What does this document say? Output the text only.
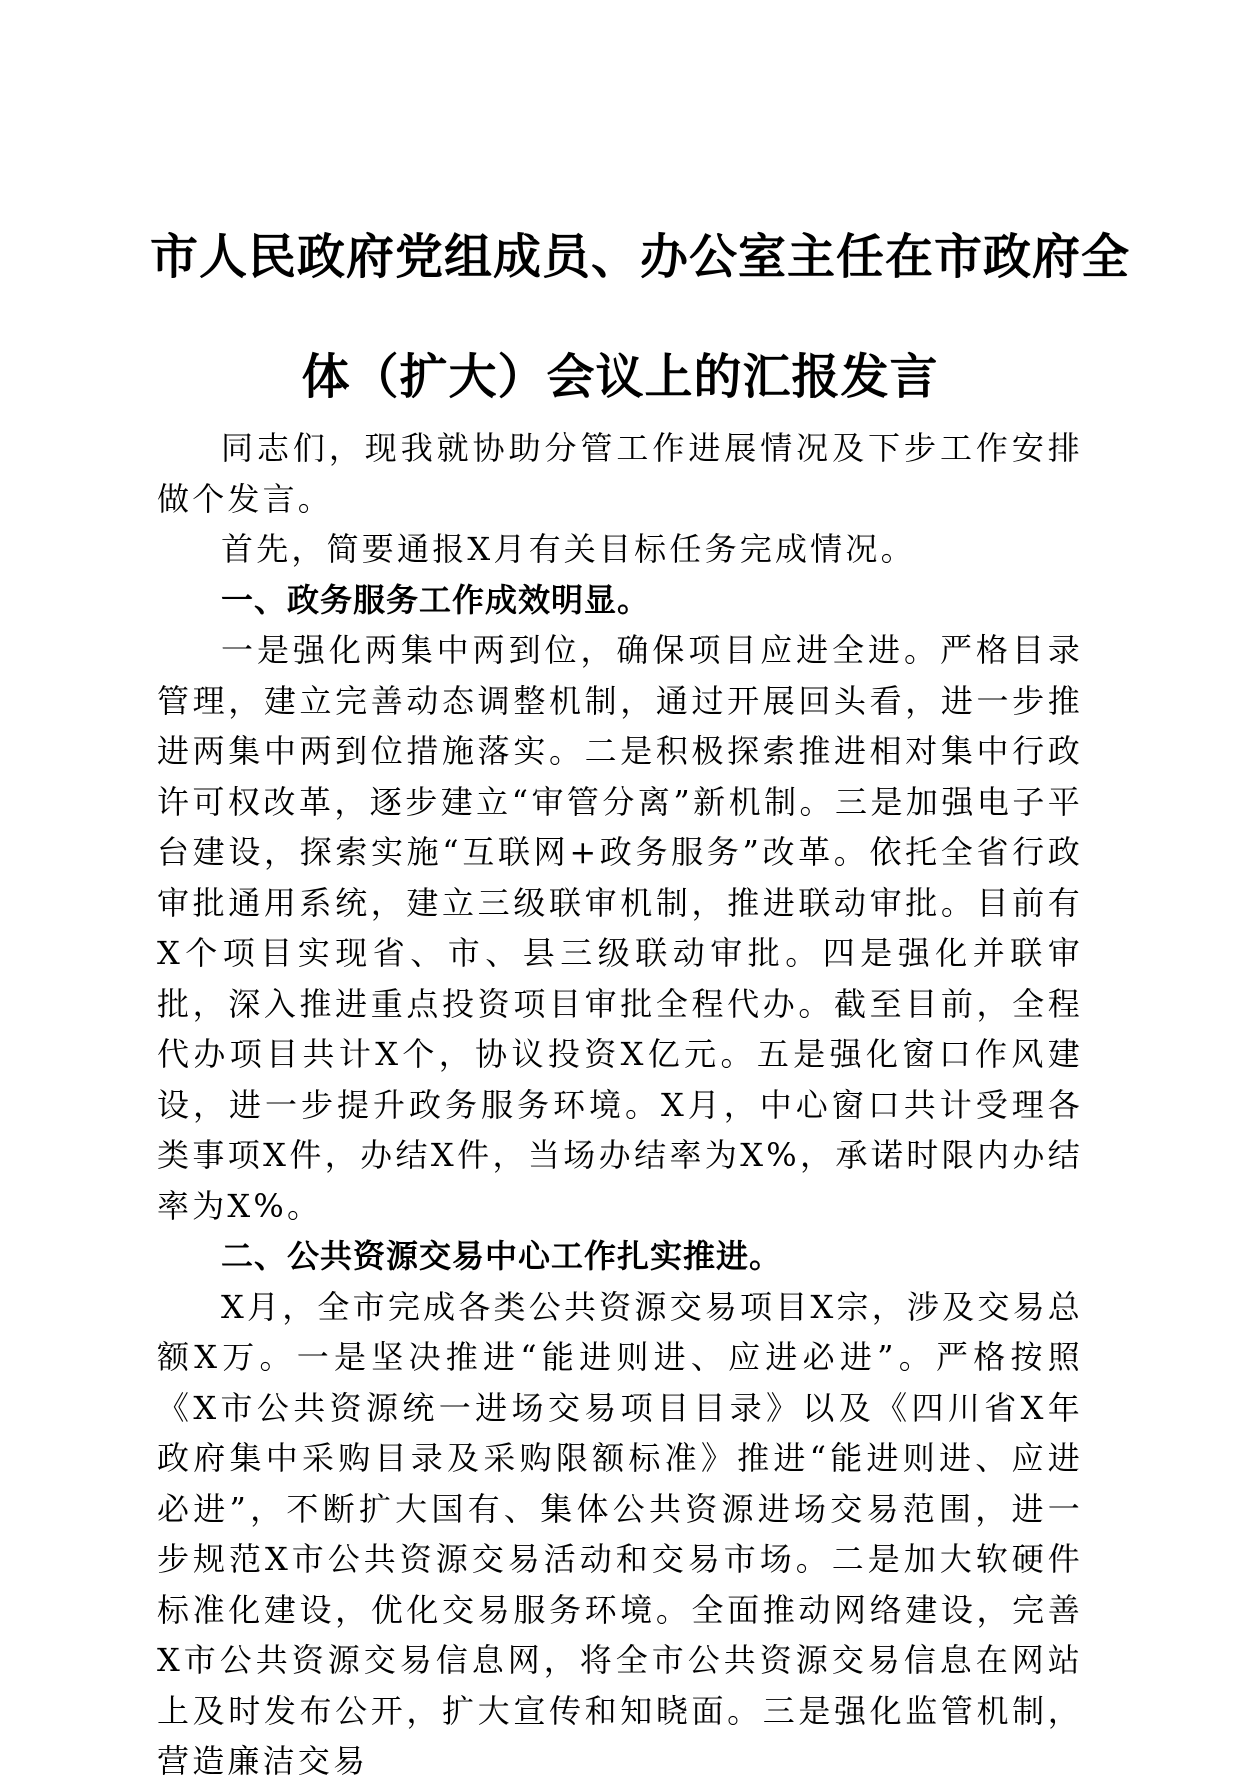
市人民政府党组成员、办公室主任在市政府全
体（扩大）会议上的汇报发言

同志们，现我就协助分管工作进展情况及下步工作安排做个发言。

首先，简要通报X月有关目标任务完成情况。

一、政务服务工作成效明显。

一是强化两集中两到位，确保项目应进全进。严格目录管理，建立完善动态调整机制，通过开展回头看，进一步推进两集中两到位措施落实。二是积极探索推进相对集中行政许可权改革，逐步建立“审管分离”新机制。三是加强电子平台建设，探索实施“互联网+政务服务”改革。依托全省行政审批通用系统，建立三级联审机制，推进联动审批。目前有X个项目实现省、市、县三级联动审批。四是强化并联审批，深入推进重点投资项目审批全程代办。截至目前，全程代办项目共计X个，协议投资X亿元。五是强化窗口作风建设，进一步提升政务服务环境。X月，中心窗口共计受理各类事项X件，办结X件，当场办结率为X%，承诺时限内办结率为X%。

二、公共资源交易中心工作扎实推进。

X月，全市完成各类公共资源交易项目X宗，涉及交易总额X万。一是坚决推进“能进则进、应进必进”。严格按照《X市公共资源统一进场交易项目目录》以及《四川省X年政府集中采购目录及采购限额标准》推进“能进则进、应进必进”，不断扩大国有、集体公共资源进场交易范围，进一步规范X市公共资源交易活动和交易市场。二是加大软硬件标准化建设，优化交易服务环境。全面推动网络建设，完善X市公共资源交易信息网，将全市公共资源交易信息在网站上及时发布公开，扩大宣传和知晓面。三是强化监管机制，营造廉洁交易
